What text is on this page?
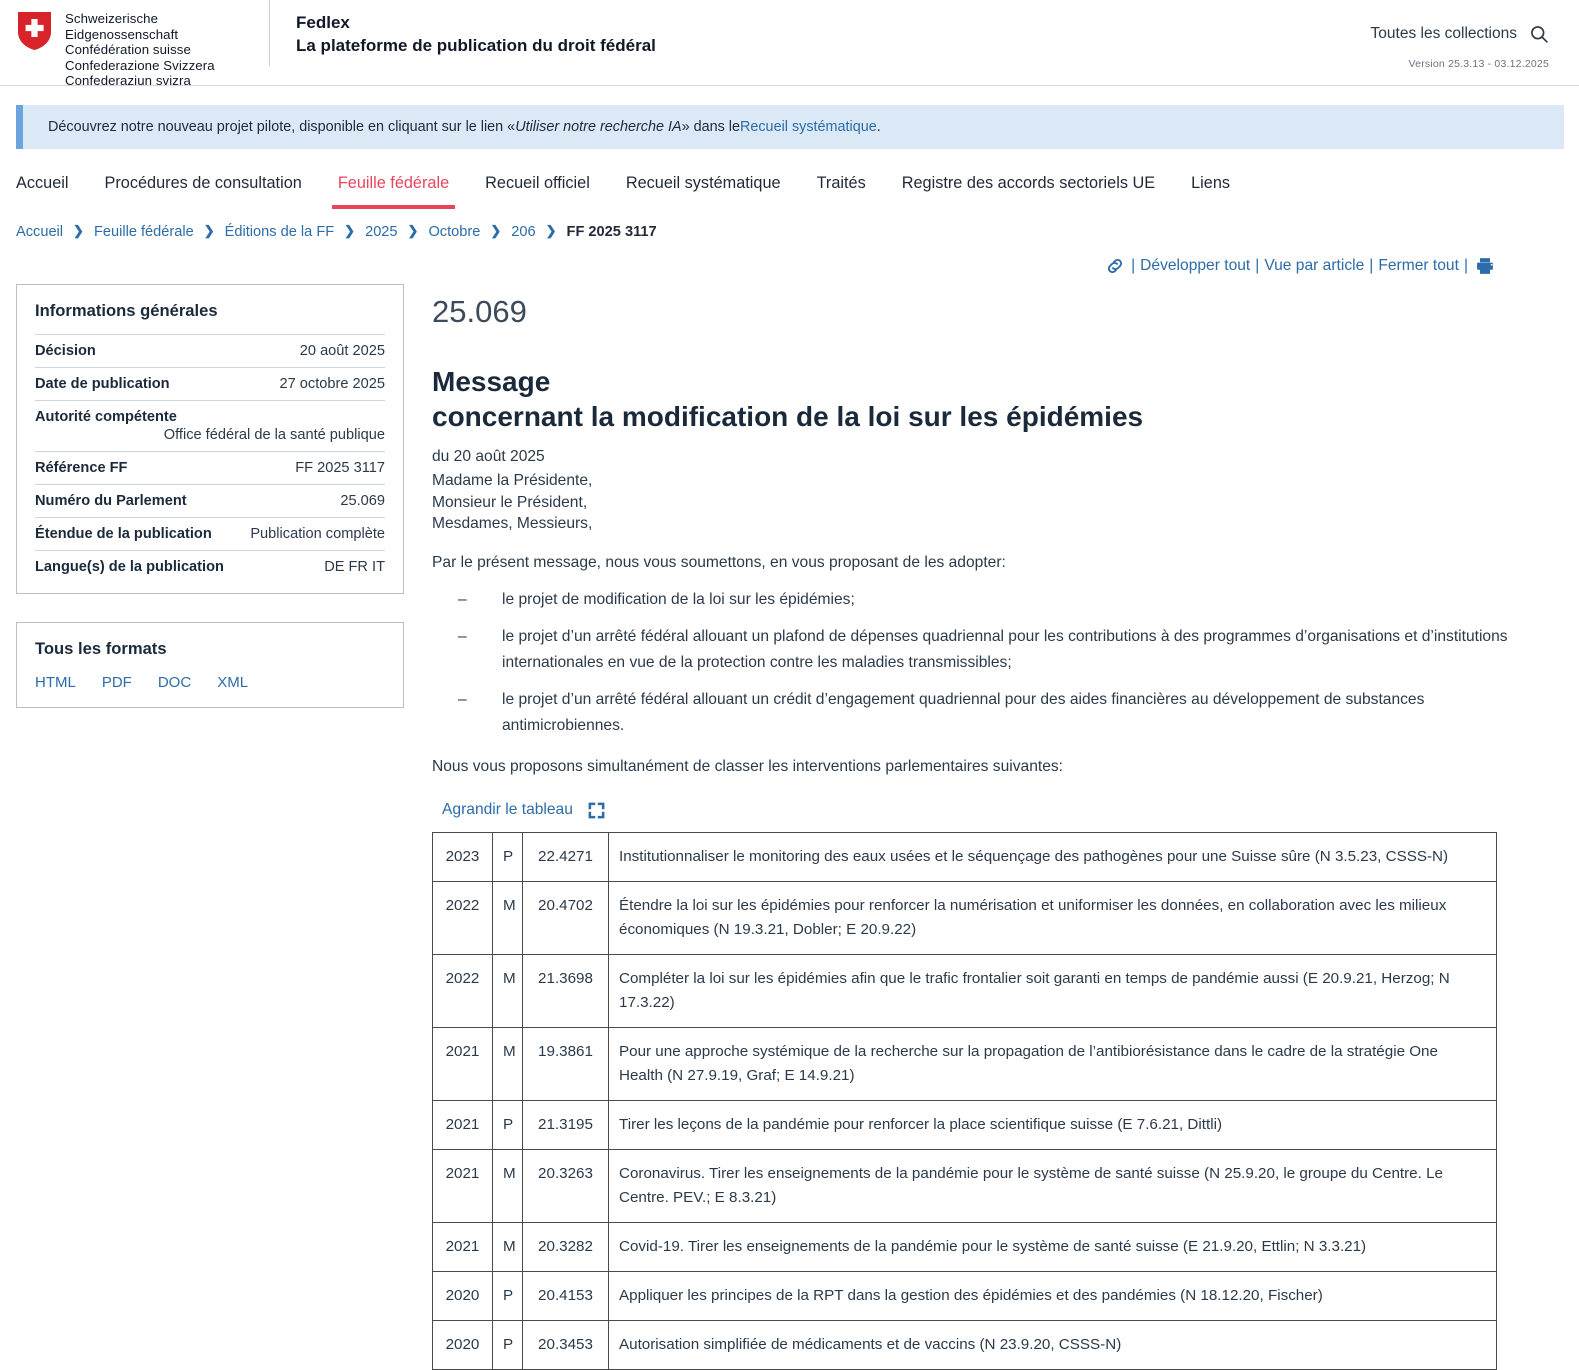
Schweizerische Eidgenossenschaft
Confédération suisse
Confederazione Svizzera
Confederaziun svizra
Fedlex
La plateforme de publication du droit fédéral
Toutes les collections
Version 25.3.13 - 03.12.2025
Découvrez notre nouveau projet pilote, disponible en cliquant sur le lien « Utiliser notre recherche IA » dans le Recueil systématique .
Accueil	Procédures de consultation	Feuille fédérale	Recueil officiel	Recueil systématique	Traités	Registre des accords sectoriels UE	Liens
Accueil ❯ Feuille fédérale ❯ Éditions de la FF ❯ 2025 ❯ Octobre ❯ 206 ❯ FF 2025 3117
| Développer tout | Vue par article | Fermer tout |
Informations générales
Décision	20 août 2025
Date de publication	27 octobre 2025
Autorité compétente
Office fédéral de la santé publique
Référence FF	FF 2025 3117
Numéro du Parlement	25.069
Étendue de la publication	Publication complète
Langue(s) de la publication	DE FR IT
Tous les formats
HTML PDF DOC XML
25.069
Message
concernant la modification de la loi sur les épidémies
du 20 août 2025
Madame la Présidente,
Monsieur le Président,
Mesdames, Messieurs,

Par le présent message, nous vous soumettons, en vous proposant de les adopter:

– le projet de modification de la loi sur les épidémies;
– le projet d’un arrêté fédéral allouant un plafond de dépenses quadriennal pour les contributions à des programmes d’organisations et d’institutions internationales en vue de la protection contre les maladies transmissibles;
– le projet d’un arrêté fédéral allouant un crédit d’engagement quadriennal pour des aides financières au développement de substances antimicrobiennes.

Nous vous proposons simultanément de classer les interventions parlementaires suivantes:

Agrandir le tableau
2023	P	22.4271	Institutionnaliser le monitoring des eaux usées et le séquençage des pathogènes pour une Suisse sûre (N 3.5.23, CSSS-N)
2022	M	20.4702	Étendre la loi sur les épidémies pour renforcer la numérisation et uniformiser les données, en collaboration avec les milieux économiques (N 19.3.21, Dobler; E 20.9.22)
2022	M	21.3698	Compléter la loi sur les épidémies afin que le trafic frontalier soit garanti en temps de pandémie aussi (E 20.9.21, Herzog; N 17.3.22)
2021	M	19.3861	Pour une approche systémique de la recherche sur la propagation de l’antibiorésistance dans le cadre de la stratégie One Health (N 27.9.19, Graf; E 14.9.21)
2021	P	21.3195	Tirer les leçons de la pandémie pour renforcer la place scientifique suisse (E 7.6.21, Dittli)
2021	M	20.3263	Coronavirus. Tirer les enseignements de la pandémie pour le système de santé suisse (N 25.9.20, le groupe du Centre. Le Centre. PEV.; E 8.3.21)
2021	M	20.3282	Covid-19. Tirer les enseignements de la pandémie pour le système de santé suisse (E 21.9.20, Ettlin; N 3.3.21)
2020	P	20.4153	Appliquer les principes de la RPT dans la gestion des épidémies et des pandémies (N 18.12.20, Fischer)
2020	P	20.3453	Autorisation simplifiée de médicaments et de vaccins (N 23.9.20, CSSS-N)
